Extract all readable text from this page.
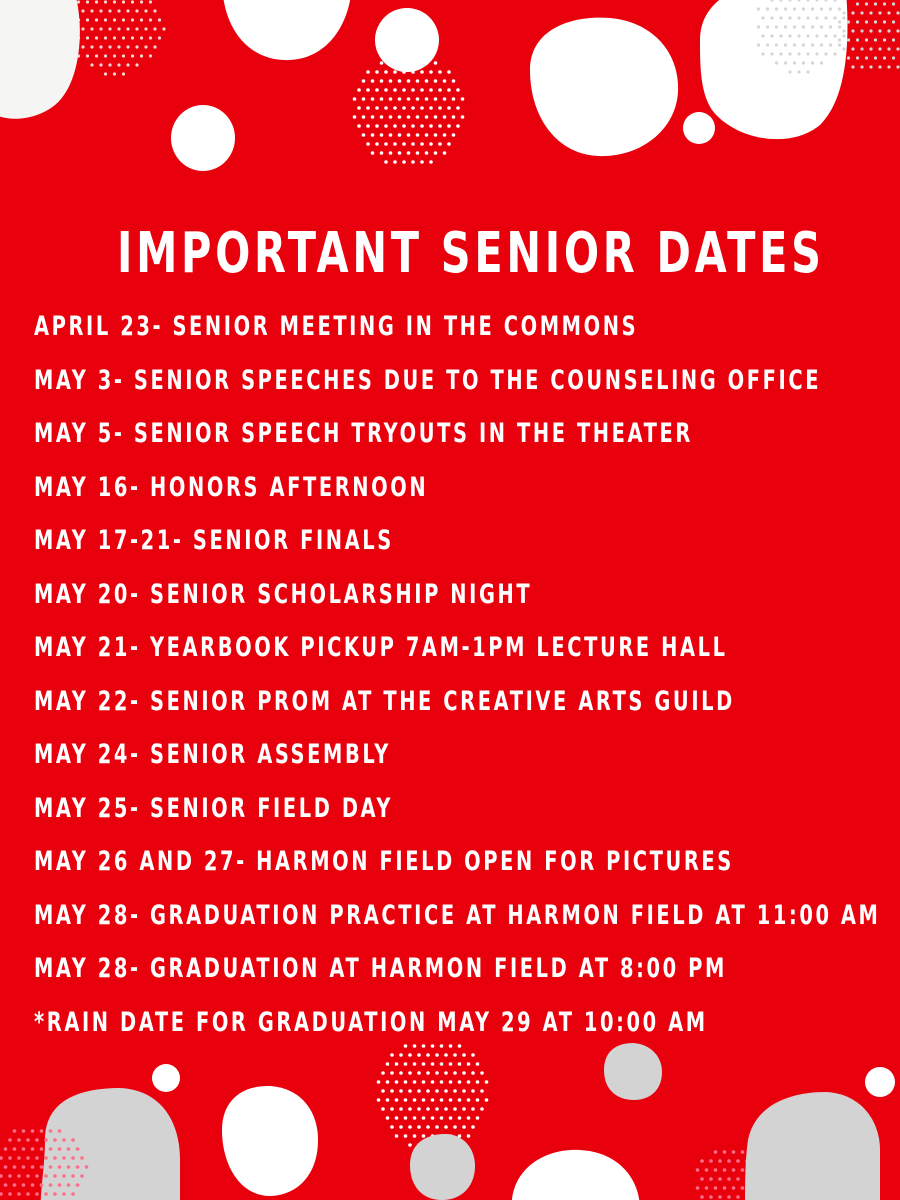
IMPORTANT SENIOR DATES
APRIL 23- SENIOR MEETING IN THE COMMONS
MAY 3- SENIOR SPEECHES DUE TO THE COUNSELING OFFICE
MAY 5- SENIOR SPEECH TRYOUTS IN THE THEATER
MAY 16- HONORS AFTERNOON
MAY 17-21- SENIOR FINALS
MAY 20- SENIOR SCHOLARSHIP NIGHT
MAY 21- YEARBOOK PICKUP 7AM-1PM LECTURE HALL
MAY 22- SENIOR PROM AT THE CREATIVE ARTS GUILD
MAY 24- SENIOR ASSEMBLY
MAY 25- SENIOR FIELD DAY
MAY 26 AND 27- HARMON FIELD OPEN FOR PICTURES
MAY 28- GRADUATION PRACTICE AT HARMON FIELD AT 11:00 AM
MAY 28- GRADUATION AT HARMON FIELD AT 8:00 PM
*RAIN DATE FOR GRADUATION MAY 29 AT 10:00 AM
